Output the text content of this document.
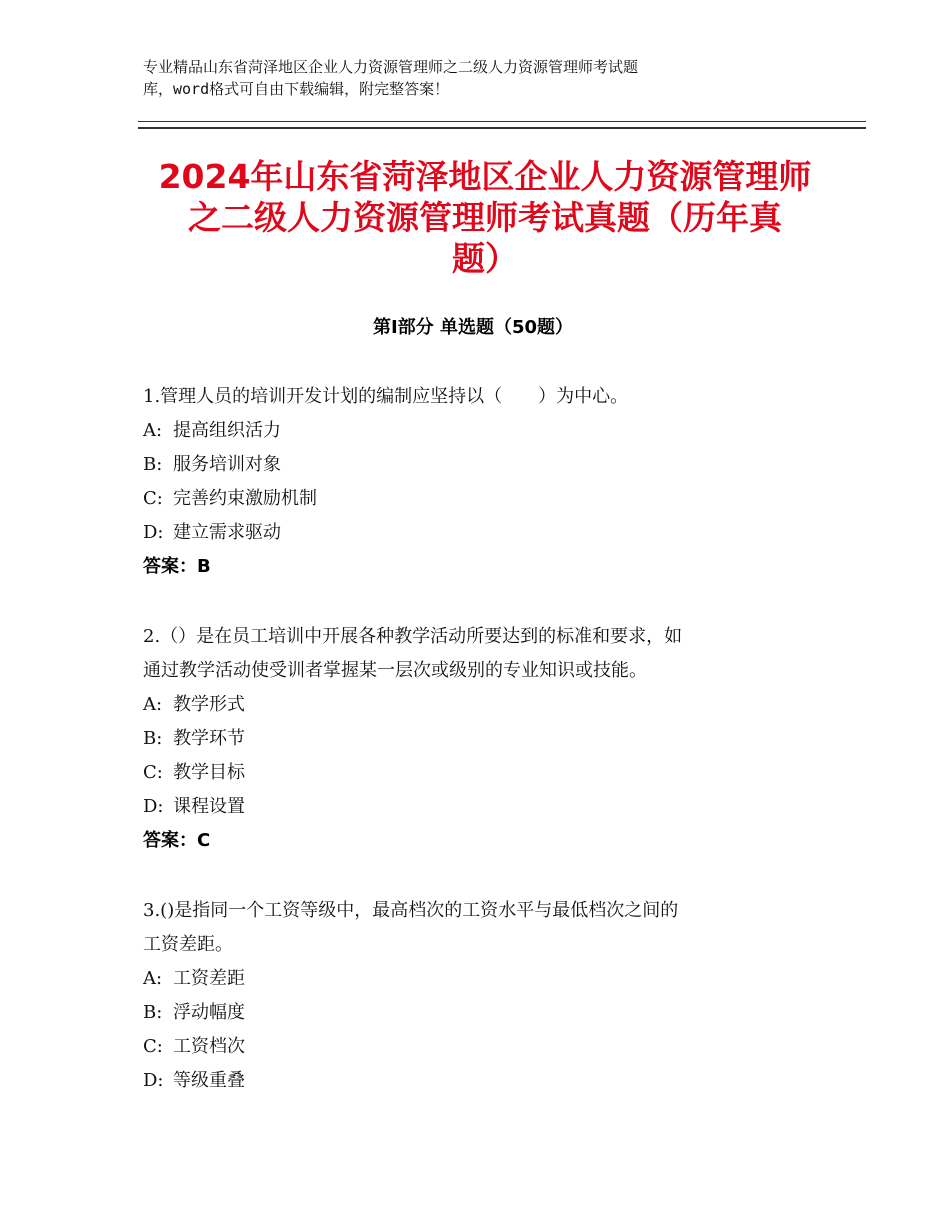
专业精品山东省菏泽地区企业人力资源管理师之二级人力资源管理师考试题
库，word格式可自由下载编辑，附完整答案！
2024年山东省菏泽地区企业人力资源管理师
之二级人力资源管理师考试真题（历年真
题）
第Ⅰ部分 单选题（50题）
1.管理人员的培训开发计划的编制应坚持以（　　）为中心。
A: 提高组织活力
B: 服务培训对象
C: 完善约束激励机制
D: 建立需求驱动
答案：B
2.（）是在员工培训中开展各种教学活动所要达到的标准和要求，如
通过教学活动使受训者掌握某一层次或级别的专业知识或技能。
A: 教学形式
B: 教学环节
C: 教学目标
D: 课程设置
答案：C
3.()是指同一个工资等级中，最高档次的工资水平与最低档次之间的
工资差距。
A: 工资差距
B: 浮动幅度
C: 工资档次
D: 等级重叠
